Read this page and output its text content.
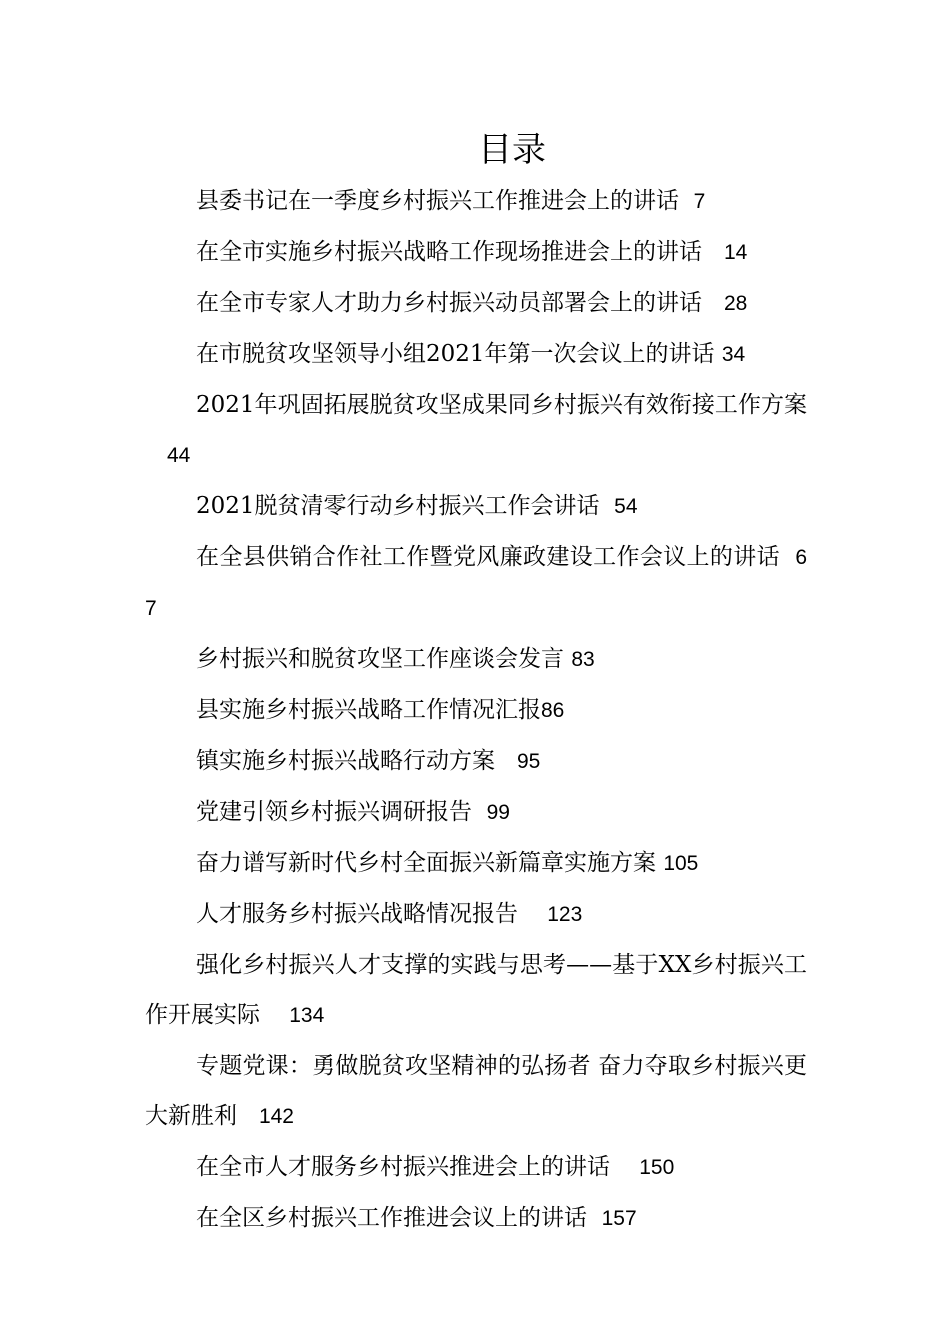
目录
县委书记在一季度乡村振兴工作推进会上的讲话 7
在全市实施乡村振兴战略工作现场推进会上的讲话 14
在全市专家人才助力乡村振兴动员部署会上的讲话 28
在市脱贫攻坚领导小组2021年第一次会议上的讲话 34
2021年巩固拓展脱贫攻坚成果同乡村振兴有效衔接工作方案   44
2021脱贫清零行动乡村振兴工作会讲话 54
在全县供销合作社工作暨党风廉政建设工作会议上的讲话 67
乡村振兴和脱贫攻坚工作座谈会发言 83
县实施乡村振兴战略工作情况汇报86
镇实施乡村振兴战略行动方案 95
党建引领乡村振兴调研报告 99
奋力谱写新时代乡村全面振兴新篇章实施方案 105
人才服务乡村振兴战略情况报告 123
强化乡村振兴人才支撑的实践与思考——基于XX乡村振兴工作开展实际 134
专题党课：勇做脱贫攻坚精神的弘扬者 奋力夺取乡村振兴更大新胜利 142
在全市人才服务乡村振兴推进会上的讲话 150
在全区乡村振兴工作推进会议上的讲话 157
